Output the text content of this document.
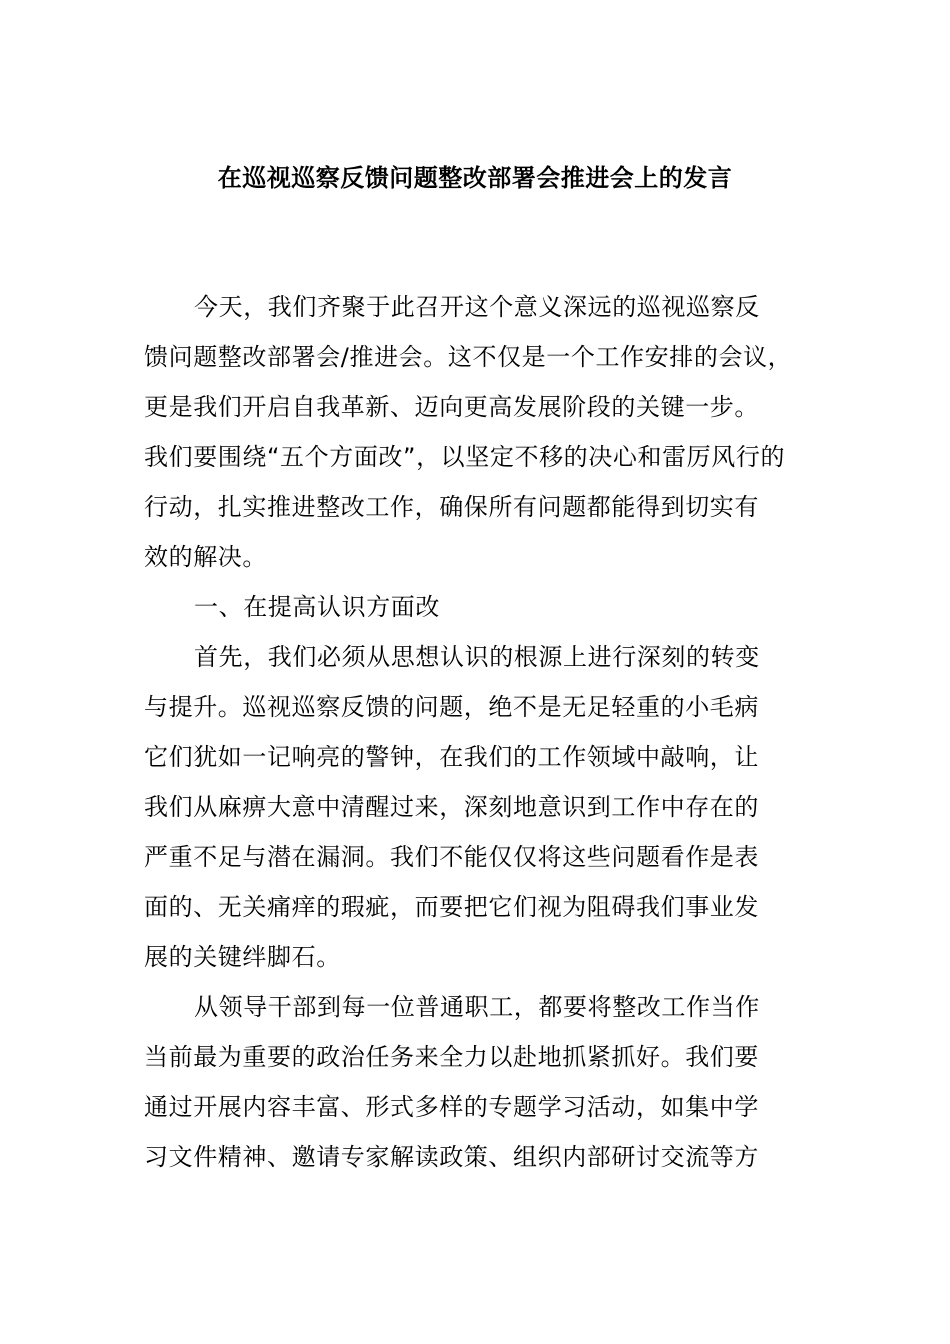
在巡视巡察反馈问题整改部署会推进会上的发言
今天，我们齐聚于此召开这个意义深远的巡视巡察反
馈问题整改部署会/推进会。这不仅是一个工作安排的会议，
更是我们开启自我革新、迈向更高发展阶段的关键一步。
我们要围绕“五个方面改”，以坚定不移的决心和雷厉风行的
行动，扎实推进整改工作，确保所有问题都能得到切实有
效的解决。
一、在提高认识方面改
首先，我们必须从思想认识的根源上进行深刻的转变
与提升。巡视巡察反馈的问题，绝不是无足轻重的小毛病
它们犹如一记响亮的警钟，在我们的工作领域中敲响，让
我们从麻痹大意中清醒过来，深刻地意识到工作中存在的
严重不足与潜在漏洞。我们不能仅仅将这些问题看作是表
面的、无关痛痒的瑕疵，而要把它们视为阻碍我们事业发
展的关键绊脚石。
从领导干部到每一位普通职工，都要将整改工作当作
当前最为重要的政治任务来全力以赴地抓紧抓好。我们要
通过开展内容丰富、形式多样的专题学习活动，如集中学
习文件精神、邀请专家解读政策、组织内部研讨交流等方
